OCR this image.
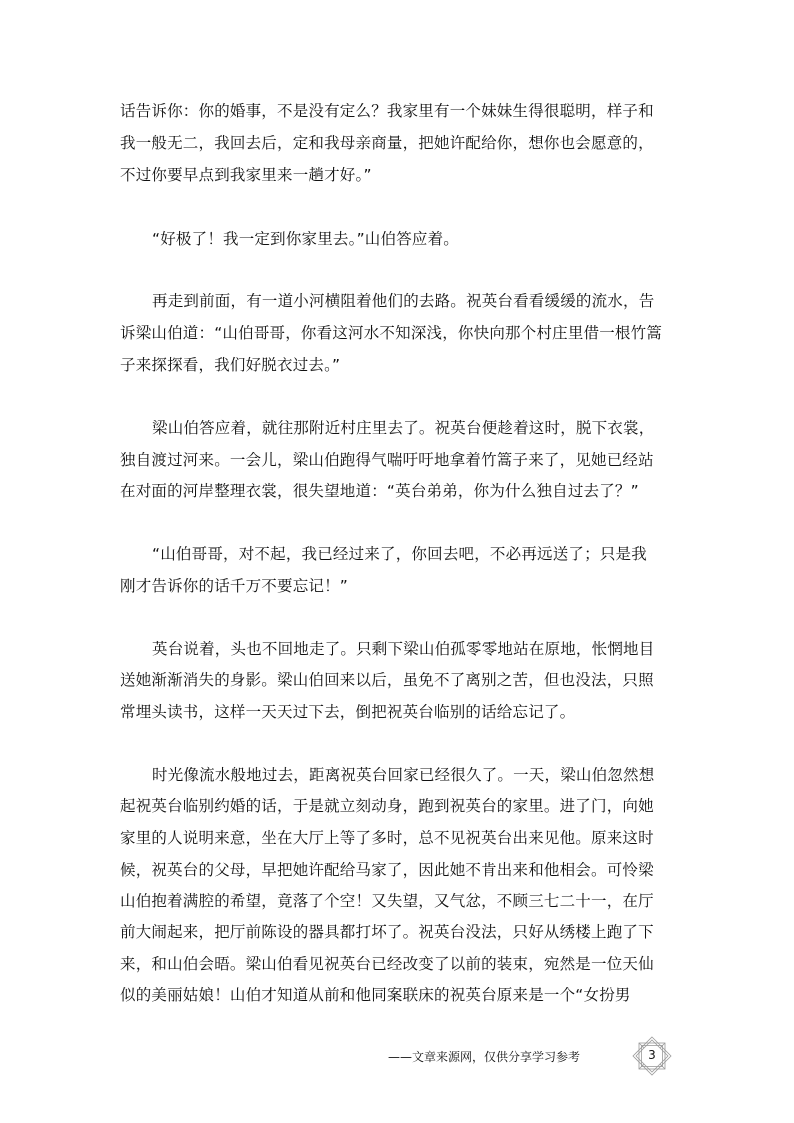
话告诉你：你的婚事，不是没有定么？我家里有一个妹妹生得很聪明，样子和
我一般无二，我回去后，定和我母亲商量，把她许配给你，想你也会愿意的，
不过你要早点到我家里来一趟才好。”
“好极了！我一定到你家里去。”山伯答应着。
再走到前面，有一道小河横阻着他们的去路。祝英台看看缓缓的流水，告
诉梁山伯道：“山伯哥哥，你看这河水不知深浅，你快向那个村庄里借一根竹篙
子来探探看，我们好脱衣过去。”
梁山伯答应着，就往那附近村庄里去了。祝英台便趁着这时，脱下衣裳，
独自渡过河来。一会儿，梁山伯跑得气喘吁吁地拿着竹篙子来了，见她已经站
在对面的河岸整理衣裳，很失望地道：“英台弟弟，你为什么独自过去了？”
“山伯哥哥，对不起，我已经过来了，你回去吧，不必再远送了；只是我
刚才告诉你的话千万不要忘记！”
英台说着，头也不回地走了。只剩下梁山伯孤零零地站在原地，怅惘地目
送她渐渐消失的身影。梁山伯回来以后，虽免不了离别之苦，但也没法，只照
常埋头读书，这样一天天过下去，倒把祝英台临别的话给忘记了。
时光像流水般地过去，距离祝英台回家已经很久了。一天，梁山伯忽然想
起祝英台临别约婚的话，于是就立刻动身，跑到祝英台的家里。进了门，向她
家里的人说明来意，坐在大厅上等了多时，总不见祝英台出来见他。原来这时
候，祝英台的父母，早把她许配给马家了，因此她不肯出来和他相会。可怜梁
山伯抱着满腔的希望，竟落了个空！又失望，又气忿，不顾三七二十一，在厅
前大闹起来，把厅前陈设的器具都打坏了。祝英台没法，只好从绣楼上跑了下
来，和山伯会晤。梁山伯看见祝英台已经改变了以前的装束，宛然是一位天仙
似的美丽姑娘！山伯才知道从前和他同案联床的祝英台原来是一个“女扮男
——文章来源网，仅供分享学习参考	3
